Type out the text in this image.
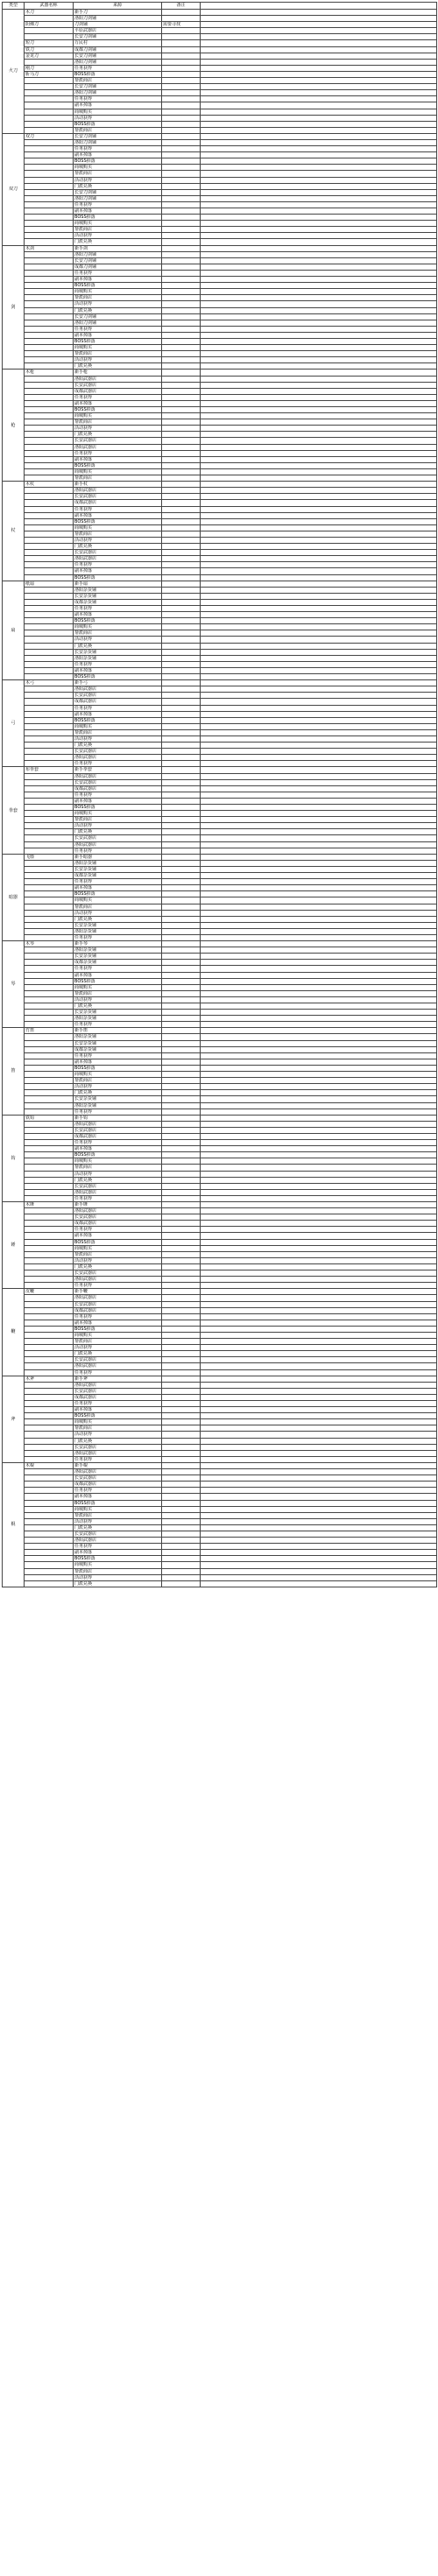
类型	武器名称	来源	备注	
火刀	木刀	新手刀		
		洛阳刀剑铺		
	阴佛刀	刀剑铺	需要寻找	
		平原武器店		
		长安刀剑铺		
	短刀	万民村		
	铁刀	成都刀剑铺		
	金龙刀	长安刀剑铺		
		洛阳刀剑铺		
	刚刀	任务获得		
	斩马刀	BOSS掉落		
		帮派商店		
		长安刀剑铺		
		洛阳刀剑铺		
		任务获得		
		副本掉落		
		商城购买		
		活动获得		
		BOSS掉落		
		帮派商店		
双刀	双刀	长安刀剑铺		
		洛阳刀剑铺		
		任务获得		
		副本掉落		
		BOSS掉落		
		商城购买		
		帮派商店		
		活动获得		
		门派兑换		
		长安刀剑铺		
		洛阳刀剑铺		
		任务获得		
		副本掉落		
		BOSS掉落		
		商城购买		
		帮派商店		
		活动获得		
		门派兑换		
剑	木剑	新手剑		
		洛阳刀剑铺		
		长安刀剑铺		
		成都刀剑铺		
		任务获得		
		副本掉落		
		BOSS掉落		
		商城购买		
		帮派商店		
		活动获得		
		门派兑换		
		长安刀剑铺		
		洛阳刀剑铺		
		任务获得		
		副本掉落		
		BOSS掉落		
		商城购买		
		帮派商店		
		活动获得		
		门派兑换		
枪	木枪	新手枪		
		洛阳武器店		
		长安武器店		
		成都武器店		
		任务获得		
		副本掉落		
		BOSS掉落		
		商城购买		
		帮派商店		
		活动获得		
		门派兑换		
		长安武器店		
		洛阳武器店		
		任务获得		
		副本掉落		
		BOSS掉落		
		商城购买		
		帮派商店		
杖	木杖	新手杖		
		洛阳武器店		
		长安武器店		
		成都武器店		
		任务获得		
		副本掉落		
		BOSS掉落		
		商城购买		
		帮派商店		
		活动获得		
		门派兑换		
		长安武器店		
		洛阳武器店		
		任务获得		
		副本掉落		
		BOSS掉落		
扇	纸扇	新手扇		
		洛阳杂货铺		
		长安杂货铺		
		成都杂货铺		
		任务获得		
		副本掉落		
		BOSS掉落		
		商城购买		
		帮派商店		
		活动获得		
		门派兑换		
		长安杂货铺		
		洛阳杂货铺		
		任务获得		
		副本掉落		
		BOSS掉落		
弓	木弓	新手弓		
		洛阳武器店		
		长安武器店		
		成都武器店		
		任务获得		
		副本掉落		
		BOSS掉落		
		商城购买		
		帮派商店		
		活动获得		
		门派兑换		
		长安武器店		
		洛阳武器店		
		任务获得		
拳套	布拳套	新手拳套		
		洛阳武器店		
		长安武器店		
		成都武器店		
		任务获得		
		副本掉落		
		BOSS掉落		
		商城购买		
		帮派商店		
		活动获得		
		门派兑换		
		长安武器店		
		洛阳武器店		
		任务获得		
暗器	飞镖	新手暗器		
		洛阳杂货铺		
		长安杂货铺		
		成都杂货铺		
		任务获得		
		副本掉落		
		BOSS掉落		
		商城购买		
		帮派商店		
		活动获得		
		门派兑换		
		长安杂货铺		
		洛阳杂货铺		
		任务获得		
琴	木琴	新手琴		
		洛阳杂货铺		
		长安杂货铺		
		成都杂货铺		
		任务获得		
		副本掉落		
		BOSS掉落		
		商城购买		
		帮派商店		
		活动获得		
		门派兑换		
		长安杂货铺		
		洛阳杂货铺		
		任务获得		
笛	竹笛	新手笛		
		洛阳杂货铺		
		长安杂货铺		
		成都杂货铺		
		任务获得		
		副本掉落		
		BOSS掉落		
		商城购买		
		帮派商店		
		活动获得		
		门派兑换		
		长安杂货铺		
		洛阳杂货铺		
		任务获得		
钩	铁钩	新手钩		
		洛阳武器店		
		长安武器店		
		成都武器店		
		任务获得		
		副本掉落		
		BOSS掉落		
		商城购买		
		帮派商店		
		活动获得		
		门派兑换		
		长安武器店		
		洛阳武器店		
		任务获得		
锤	木锤	新手锤		
		洛阳武器店		
		长安武器店		
		成都武器店		
		任务获得		
		副本掉落		
		BOSS掉落		
		商城购买		
		帮派商店		
		活动获得		
		门派兑换		
		长安武器店		
		洛阳武器店		
		任务获得		
鞭	皮鞭	新手鞭		
		洛阳武器店		
		长安武器店		
		成都武器店		
		任务获得		
		副本掉落		
		BOSS掉落		
		商城购买		
		帮派商店		
		活动获得		
		门派兑换		
		长安武器店		
		洛阳武器店		
		任务获得		
斧	木斧	新手斧		
		洛阳武器店		
		长安武器店		
		成都武器店		
		任务获得		
		副本掉落		
		BOSS掉落		
		商城购买		
		帮派商店		
		活动获得		
		门派兑换		
		长安武器店		
		洛阳武器店		
		任务获得		
棍	木棍	新手棍		
		洛阳武器店		
		长安武器店		
		成都武器店		
		任务获得		
		副本掉落		
		BOSS掉落		
		商城购买		
		帮派商店		
		活动获得		
		门派兑换		
		长安武器店		
		洛阳武器店		
		任务获得		
		副本掉落		
		BOSS掉落		
		商城购买		
		帮派商店		
		活动获得		
		门派兑换		
